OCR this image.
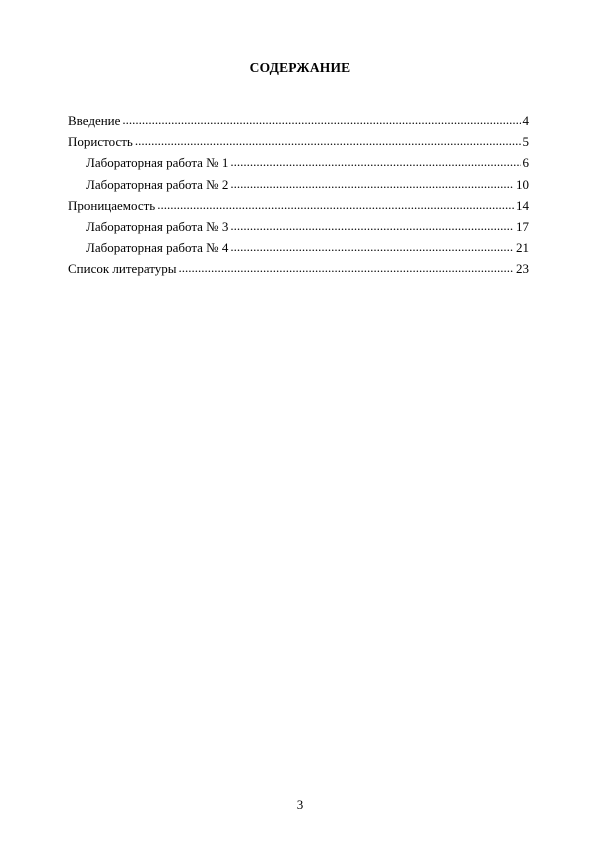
СОДЕРЖАНИЕ
Введение .....	4
Пористость .....	5
Лабораторная работа № 1 .....	6
Лабораторная работа № 2 .....	10
Проницаемость .....	14
Лабораторная работа № 3 .....	17
Лабораторная работа № 4 .....	21
Список литературы .....	23
3
